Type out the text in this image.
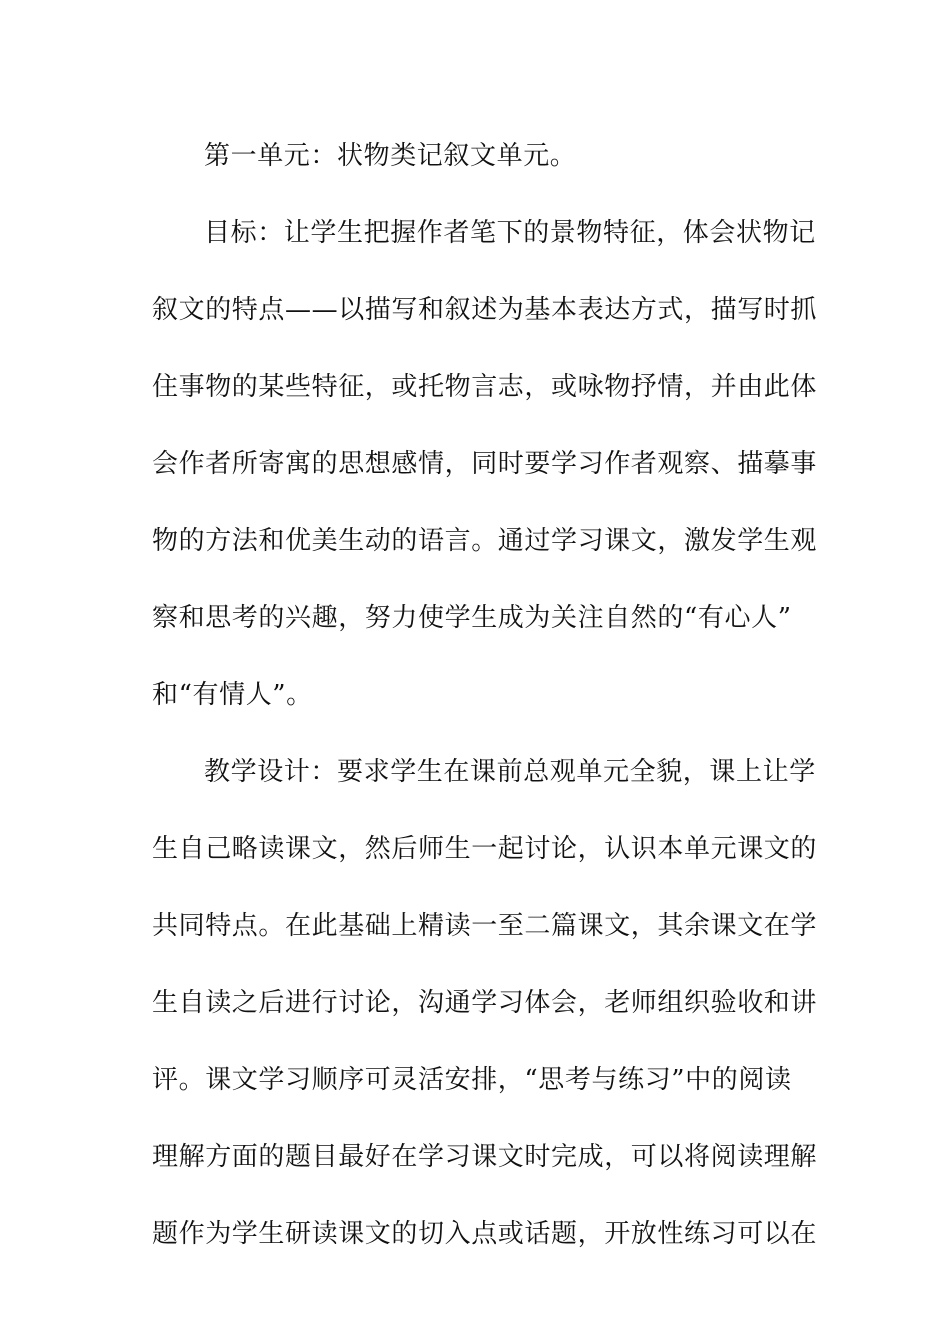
第一单元：状物类记叙文单元。
目标：让学生把握作者笔下的景物特征，体会状物记
叙文的特点——以描写和叙述为基本表达方式，描写时抓
住事物的某些特征，或托物言志，或咏物抒情，并由此体
会作者所寄寓的思想感情，同时要学习作者观察、描摹事
物的方法和优美生动的语言。通过学习课文，激发学生观
察和思考的兴趣，努力使学生成为关注自然的“有心人”
和“有情人”。
教学设计：要求学生在课前总观单元全貌，课上让学
生自己略读课文，然后师生一起讨论，认识本单元课文的
共同特点。在此基础上精读一至二篇课文，其余课文在学
生自读之后进行讨论，沟通学习体会，老师组织验收和讲
评。课文学习顺序可灵活安排，“思考与练习”中的阅读
理解方面的题目最好在学习课文时完成，可以将阅读理解
题作为学生研读课文的切入点或话题，开放性练习可以在
